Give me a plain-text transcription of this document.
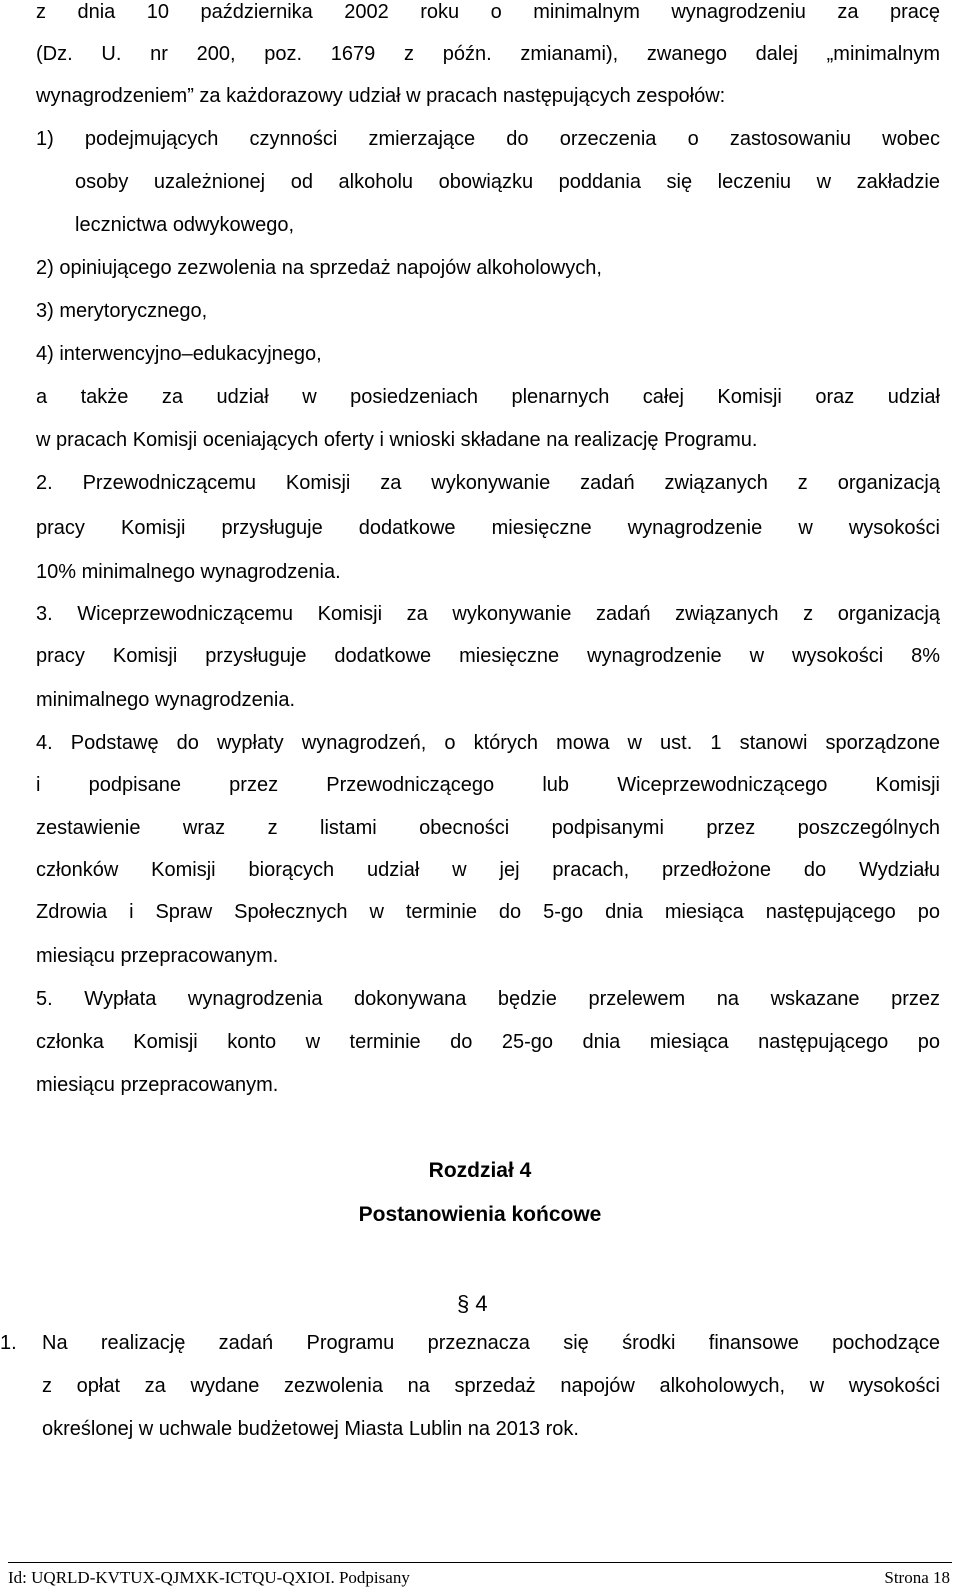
z dnia 10 października 2002 roku o minimalnym wynagrodzeniu za pracę

(Dz. U. nr 200, poz. 1679 z późn. zmianami), zwanego dalej „minimalnym

wynagrodzeniem” za każdorazowy udział w pracach następujących zespołów:

1) podejmujących czynności zmierzające do orzeczenia o zastosowaniu wobec

osoby uzależnionej od alkoholu obowiązku poddania się leczeniu w zakładzie

lecznictwa odwykowego,

2) opiniującego zezwolenia na sprzedaż napojów alkoholowych,

3) merytorycznego,

4) interwencyjno–edukacyjnego,

a także za udział w posiedzeniach plenarnych całej Komisji oraz udział

w pracach Komisji oceniających oferty i wnioski składane na realizację Programu.

2. Przewodniczącemu Komisji za wykonywanie zadań związanych z organizacją

pracy Komisji przysługuje dodatkowe miesięczne wynagrodzenie w wysokości

10% minimalnego wynagrodzenia.

3. Wiceprzewodniczącemu Komisji za wykonywanie zadań związanych z organizacją

pracy Komisji przysługuje dodatkowe miesięczne wynagrodzenie w wysokości 8%

minimalnego wynagrodzenia.

4. Podstawę do wypłaty wynagrodzeń, o których mowa w ust. 1 stanowi sporządzone

i podpisane przez Przewodniczącego lub Wiceprzewodniczącego Komisji

zestawienie wraz z listami obecności podpisanymi przez poszczególnych

członków Komisji biorących udział w jej pracach, przedłożone do Wydziału

Zdrowia i Spraw Społecznych w terminie do 5-go dnia miesiąca następującego po

miesiącu przepracowanym.

5. Wypłata wynagrodzenia dokonywana będzie przelewem na wskazane przez

członka Komisji konto w terminie do 25-go dnia miesiąca następującego po

miesiącu przepracowanym.

Rozdział 4
Postanowienia końcowe
§ 4

1. Na realizację zadań Programu przeznacza się środki finansowe pochodzące

z opłat za wydane zezwolenia na sprzedaż napojów alkoholowych, w wysokości

określonej w uchwale budżetowej Miasta Lublin na 2013 rok.

Id: UQRLD-KVTUX-QJMXK-ICTQU-QXIOI. Podpisany	Strona 18
